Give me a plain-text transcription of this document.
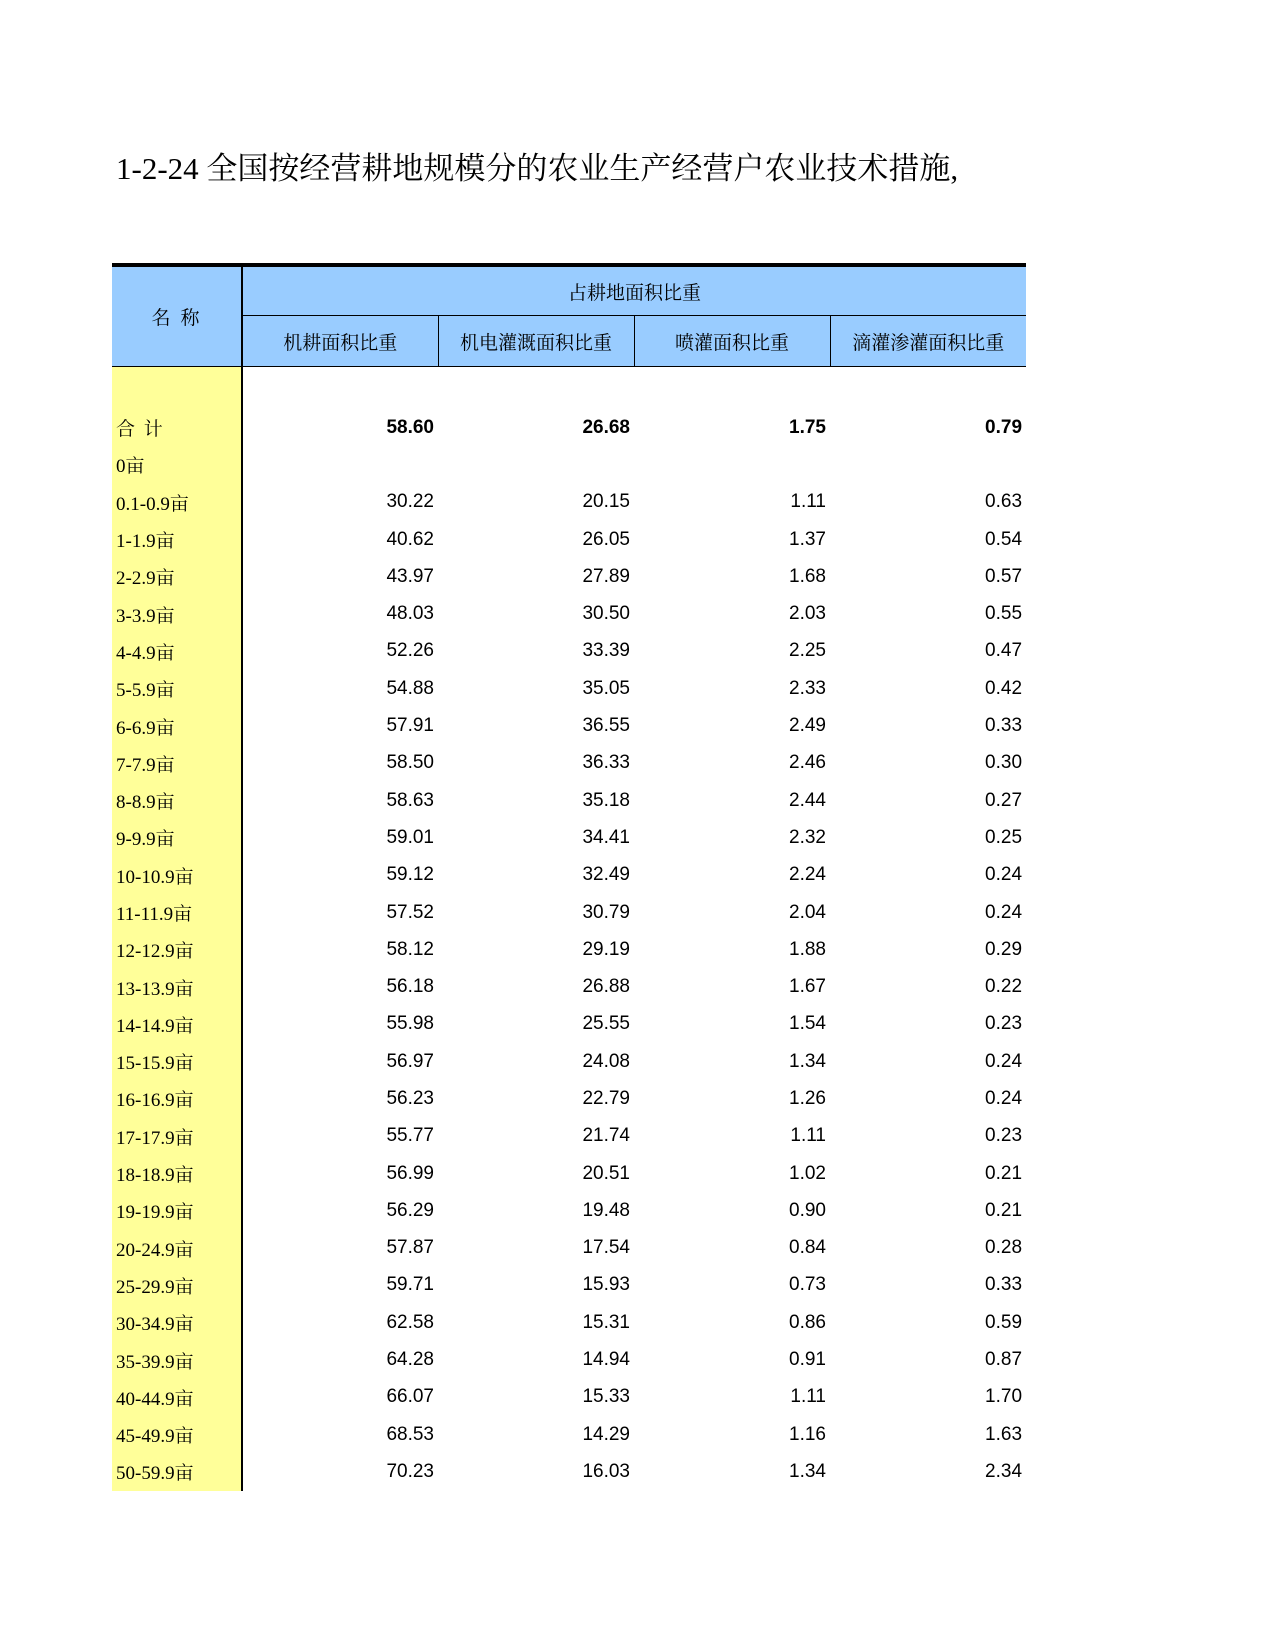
1-2-24 全国按经营耕地规模分的农业生产经营户农业技术措施,
名 称	占耕地面积比重			
	机耕面积比重	机电灌溉面积比重	喷灌面积比重	滴灌渗灌面积比重

合 计	58.60	26.68	1.75	0.79
0亩				
0.1-0.9亩	30.22	20.15	1.11	0.63
1-1.9亩	40.62	26.05	1.37	0.54
2-2.9亩	43.97	27.89	1.68	0.57
3-3.9亩	48.03	30.50	2.03	0.55
4-4.9亩	52.26	33.39	2.25	0.47
5-5.9亩	54.88	35.05	2.33	0.42
6-6.9亩	57.91	36.55	2.49	0.33
7-7.9亩	58.50	36.33	2.46	0.30
8-8.9亩	58.63	35.18	2.44	0.27
9-9.9亩	59.01	34.41	2.32	0.25
10-10.9亩	59.12	32.49	2.24	0.24
11-11.9亩	57.52	30.79	2.04	0.24
12-12.9亩	58.12	29.19	1.88	0.29
13-13.9亩	56.18	26.88	1.67	0.22
14-14.9亩	55.98	25.55	1.54	0.23
15-15.9亩	56.97	24.08	1.34	0.24
16-16.9亩	56.23	22.79	1.26	0.24
17-17.9亩	55.77	21.74	1.11	0.23
18-18.9亩	56.99	20.51	1.02	0.21
19-19.9亩	56.29	19.48	0.90	0.21
20-24.9亩	57.87	17.54	0.84	0.28
25-29.9亩	59.71	15.93	0.73	0.33
30-34.9亩	62.58	15.31	0.86	0.59
35-39.9亩	64.28	14.94	0.91	0.87
40-44.9亩	66.07	15.33	1.11	1.70
45-49.9亩	68.53	14.29	1.16	1.63
50-59.9亩	70.23	16.03	1.34	2.34
